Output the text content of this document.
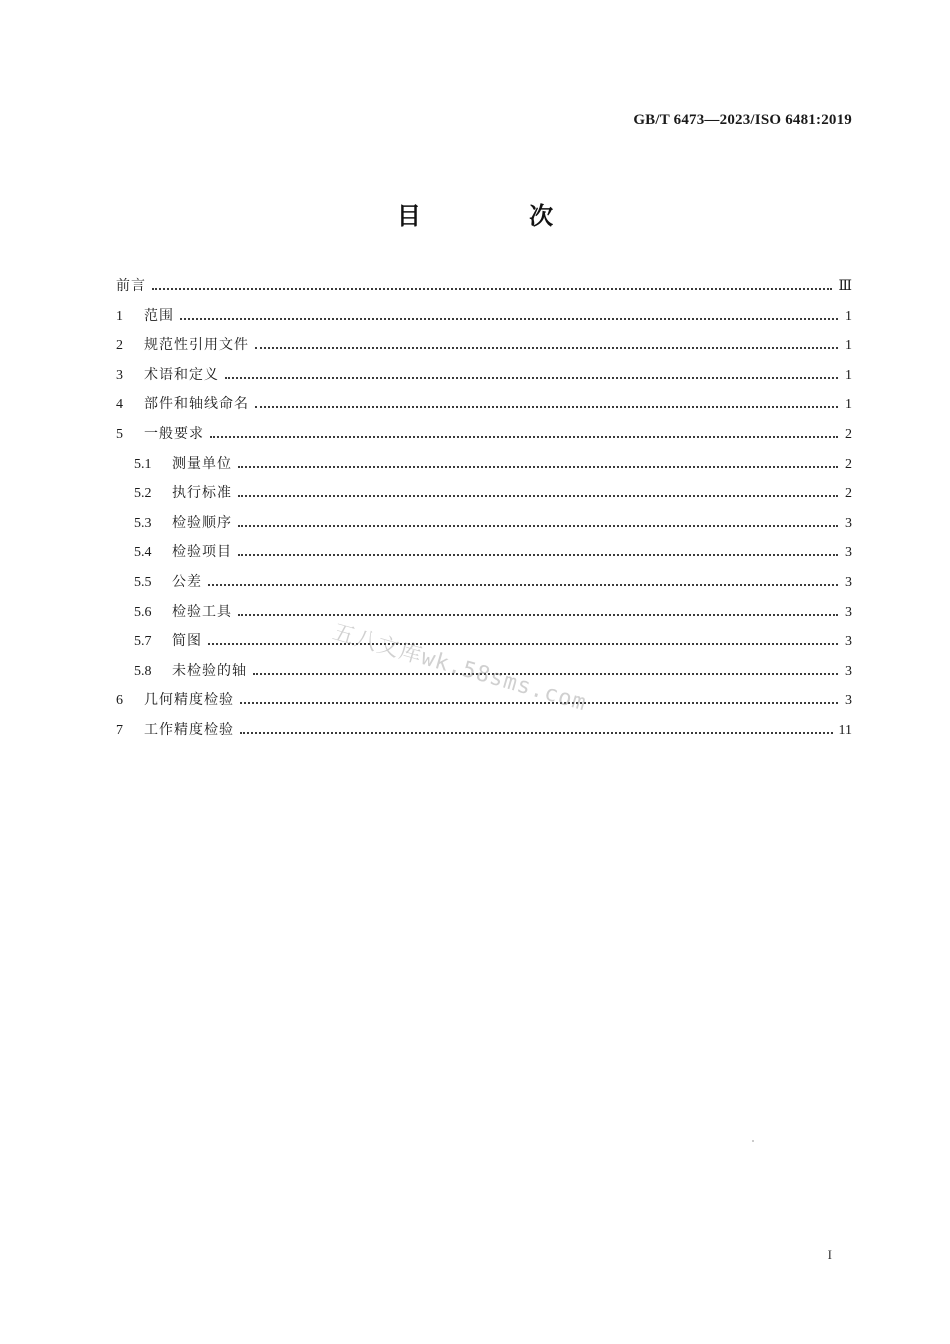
GB/T 6473—2023/ISO 6481:2019
目 次
前言	Ⅲ
1	范围	1
2	规范性引用文件	1
3	术语和定义	1
4	部件和轴线命名	1
5	一般要求	2
5.1	测量单位	2
5.2	执行标准	2
5.3	检验顺序	3
5.4	检验项目	3
5.5	公差	3
5.6	检验工具	3
5.7	简图	3
5.8	未检验的轴	3
6	几何精度检验	3
7	工作精度检验	11
五八文库wk.58sms.com
I
